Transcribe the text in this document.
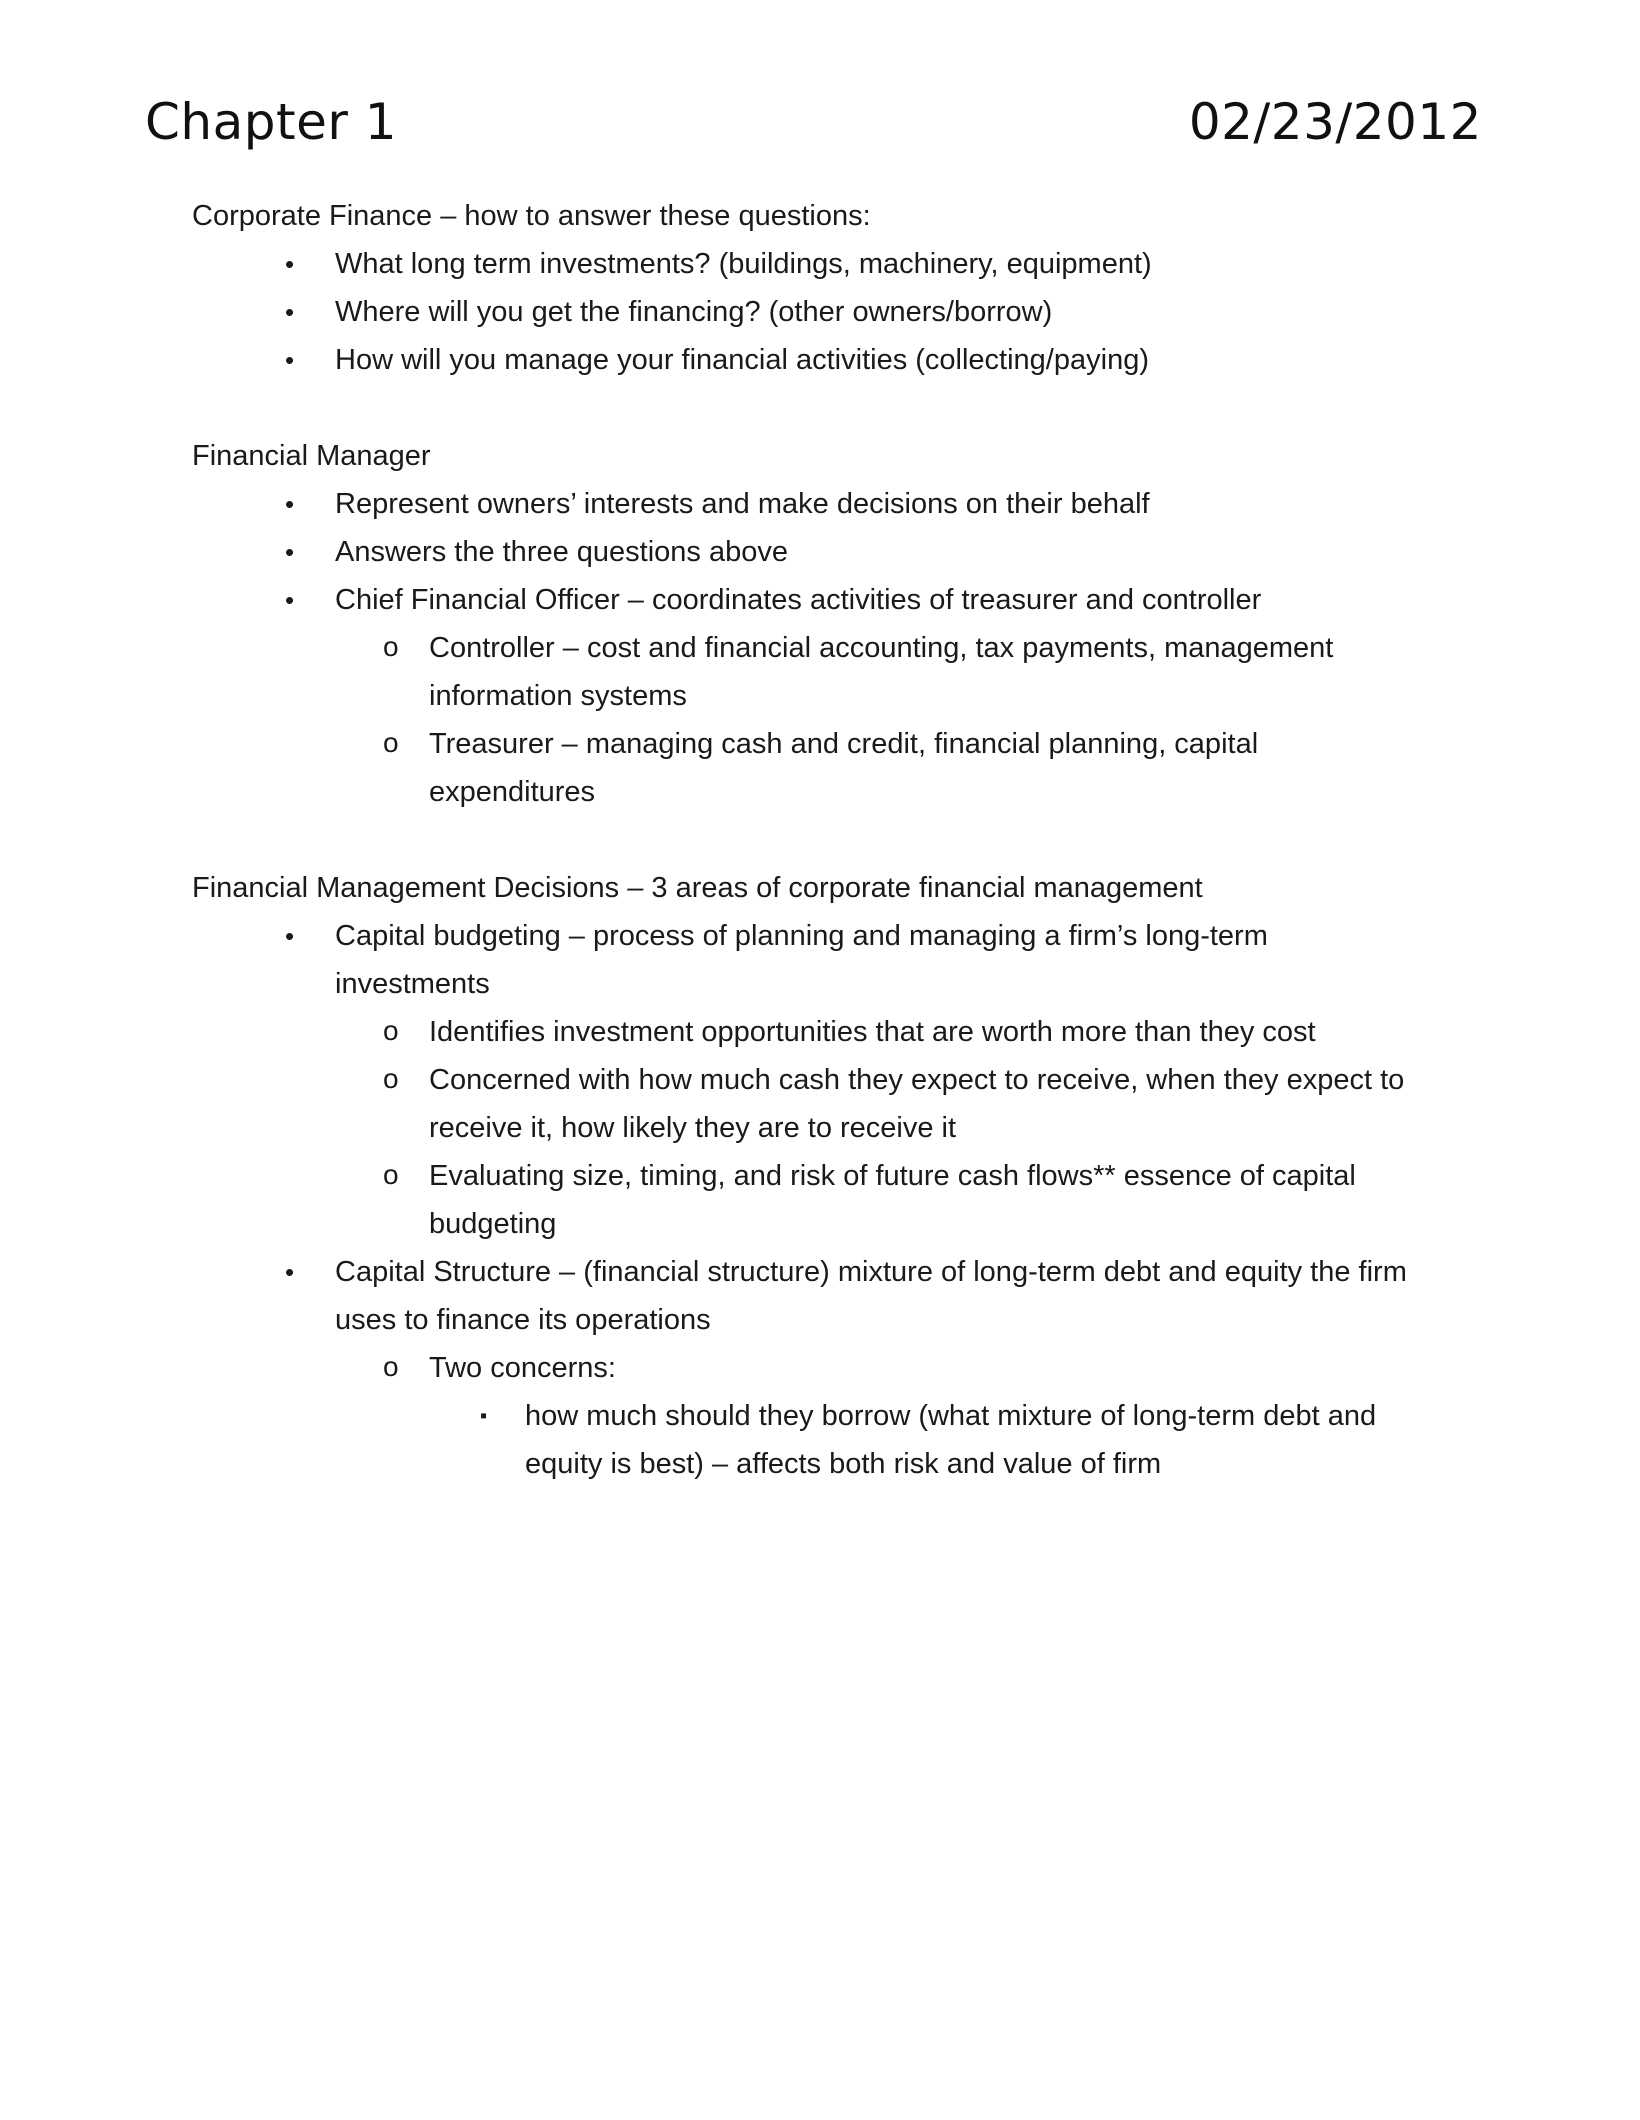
Chapter 1	02/23/2012

Corporate Finance – how to answer these questions:

• What long term investments? (buildings, machinery, equipment)
• Where will you get the financing? (other owners/borrow)
• How will you manage your financial activities (collecting/paying)

Financial Manager

• Represent owners’ interests and make decisions on their behalf
• Answers the three questions above
• Chief Financial Officer – coordinates activities of treasurer and controller
o Controller – cost and financial accounting, tax payments, management information systems
o Treasurer – managing cash and credit, financial planning, capital expenditures

Financial Management Decisions – 3 areas of corporate financial management

• Capital budgeting – process of planning and managing a firm’s long-term investments
o Identifies investment opportunities that are worth more than they cost
o Concerned with how much cash they expect to receive, when they expect to receive it, how likely they are to receive it
o Evaluating size, timing, and risk of future cash flows** essence of capital budgeting
• Capital Structure – (financial structure) mixture of long-term debt and equity the firm uses to finance its operations
o Two concerns:
▪ how much should they borrow (what mixture of long-term debt and equity is best) – affects both risk and value of firm
